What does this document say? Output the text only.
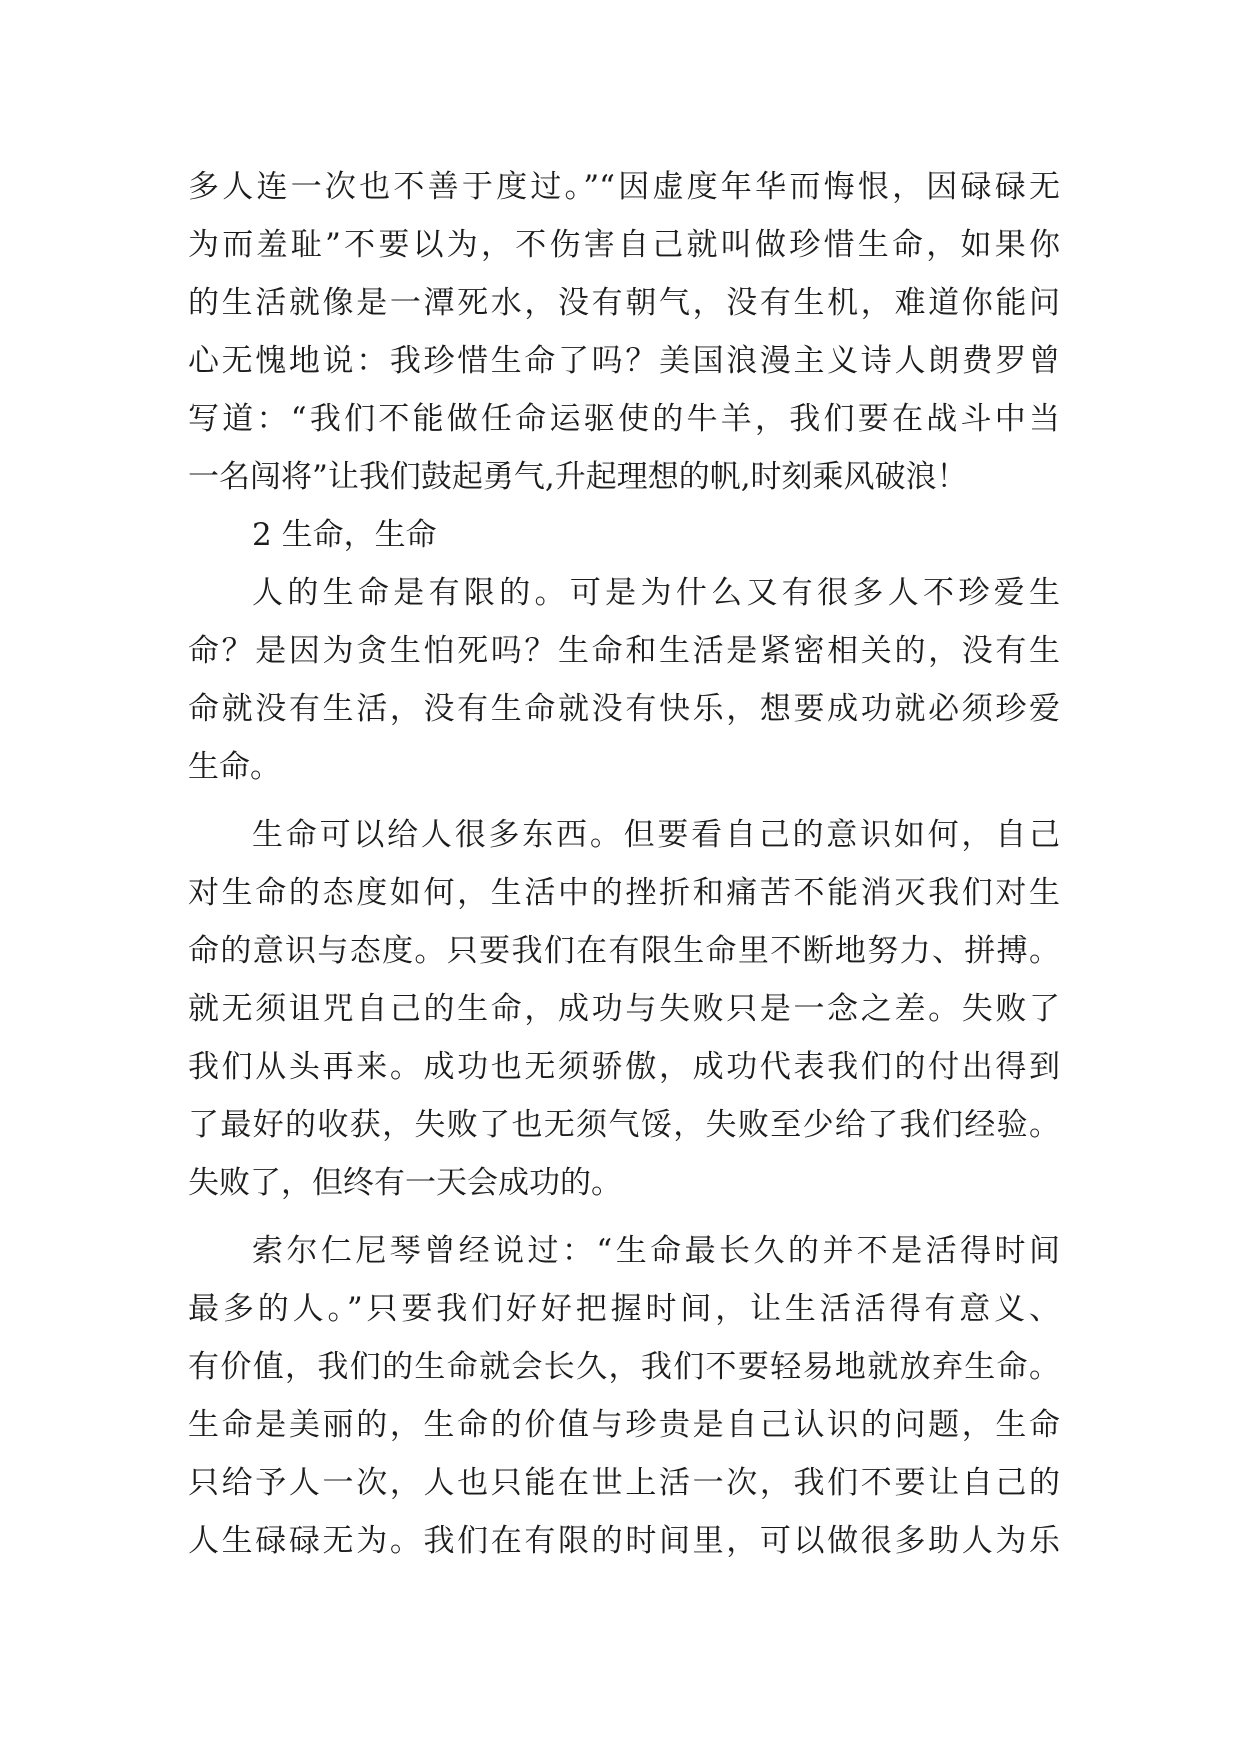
多人连一次也不善于度过。”“因虚度年华而悔恨，因碌碌无
为而羞耻”不要以为，不伤害自己就叫做珍惜生命，如果你
的生活就像是一潭死水，没有朝气，没有生机，难道你能问
心无愧地说：我珍惜生命了吗？美国浪漫主义诗人朗费罗曾
写道：“我们不能做任命运驱使的牛羊，我们要在战斗中当
一名闯将”让我们鼓起勇气,升起理想的帆,时刻乘风破浪！
2 生命，生命
人的生命是有限的。可是为什么又有很多人不珍爱生
命？是因为贪生怕死吗？生命和生活是紧密相关的，没有生
命就没有生活，没有生命就没有快乐，想要成功就必须珍爱
生命。
生命可以给人很多东西。但要看自己的意识如何，自己
对生命的态度如何，生活中的挫折和痛苦不能消灭我们对生
命的意识与态度。只要我们在有限生命里不断地努力、拼搏。
就无须诅咒自己的生命，成功与失败只是一念之差。失败了
我们从头再来。成功也无须骄傲，成功代表我们的付出得到
了最好的收获，失败了也无须气馁，失败至少给了我们经验。
失败了，但终有一天会成功的。
索尔仁尼琴曾经说过：“生命最长久的并不是活得时间
最多的人。”只要我们好好把握时间，让生活活得有意义、
有价值，我们的生命就会长久，我们不要轻易地就放弃生命。
生命是美丽的，生命的价值与珍贵是自己认识的问题，生命
只给予人一次，人也只能在世上活一次，我们不要让自己的
人生碌碌无为。我们在有限的时间里，可以做很多助人为乐
